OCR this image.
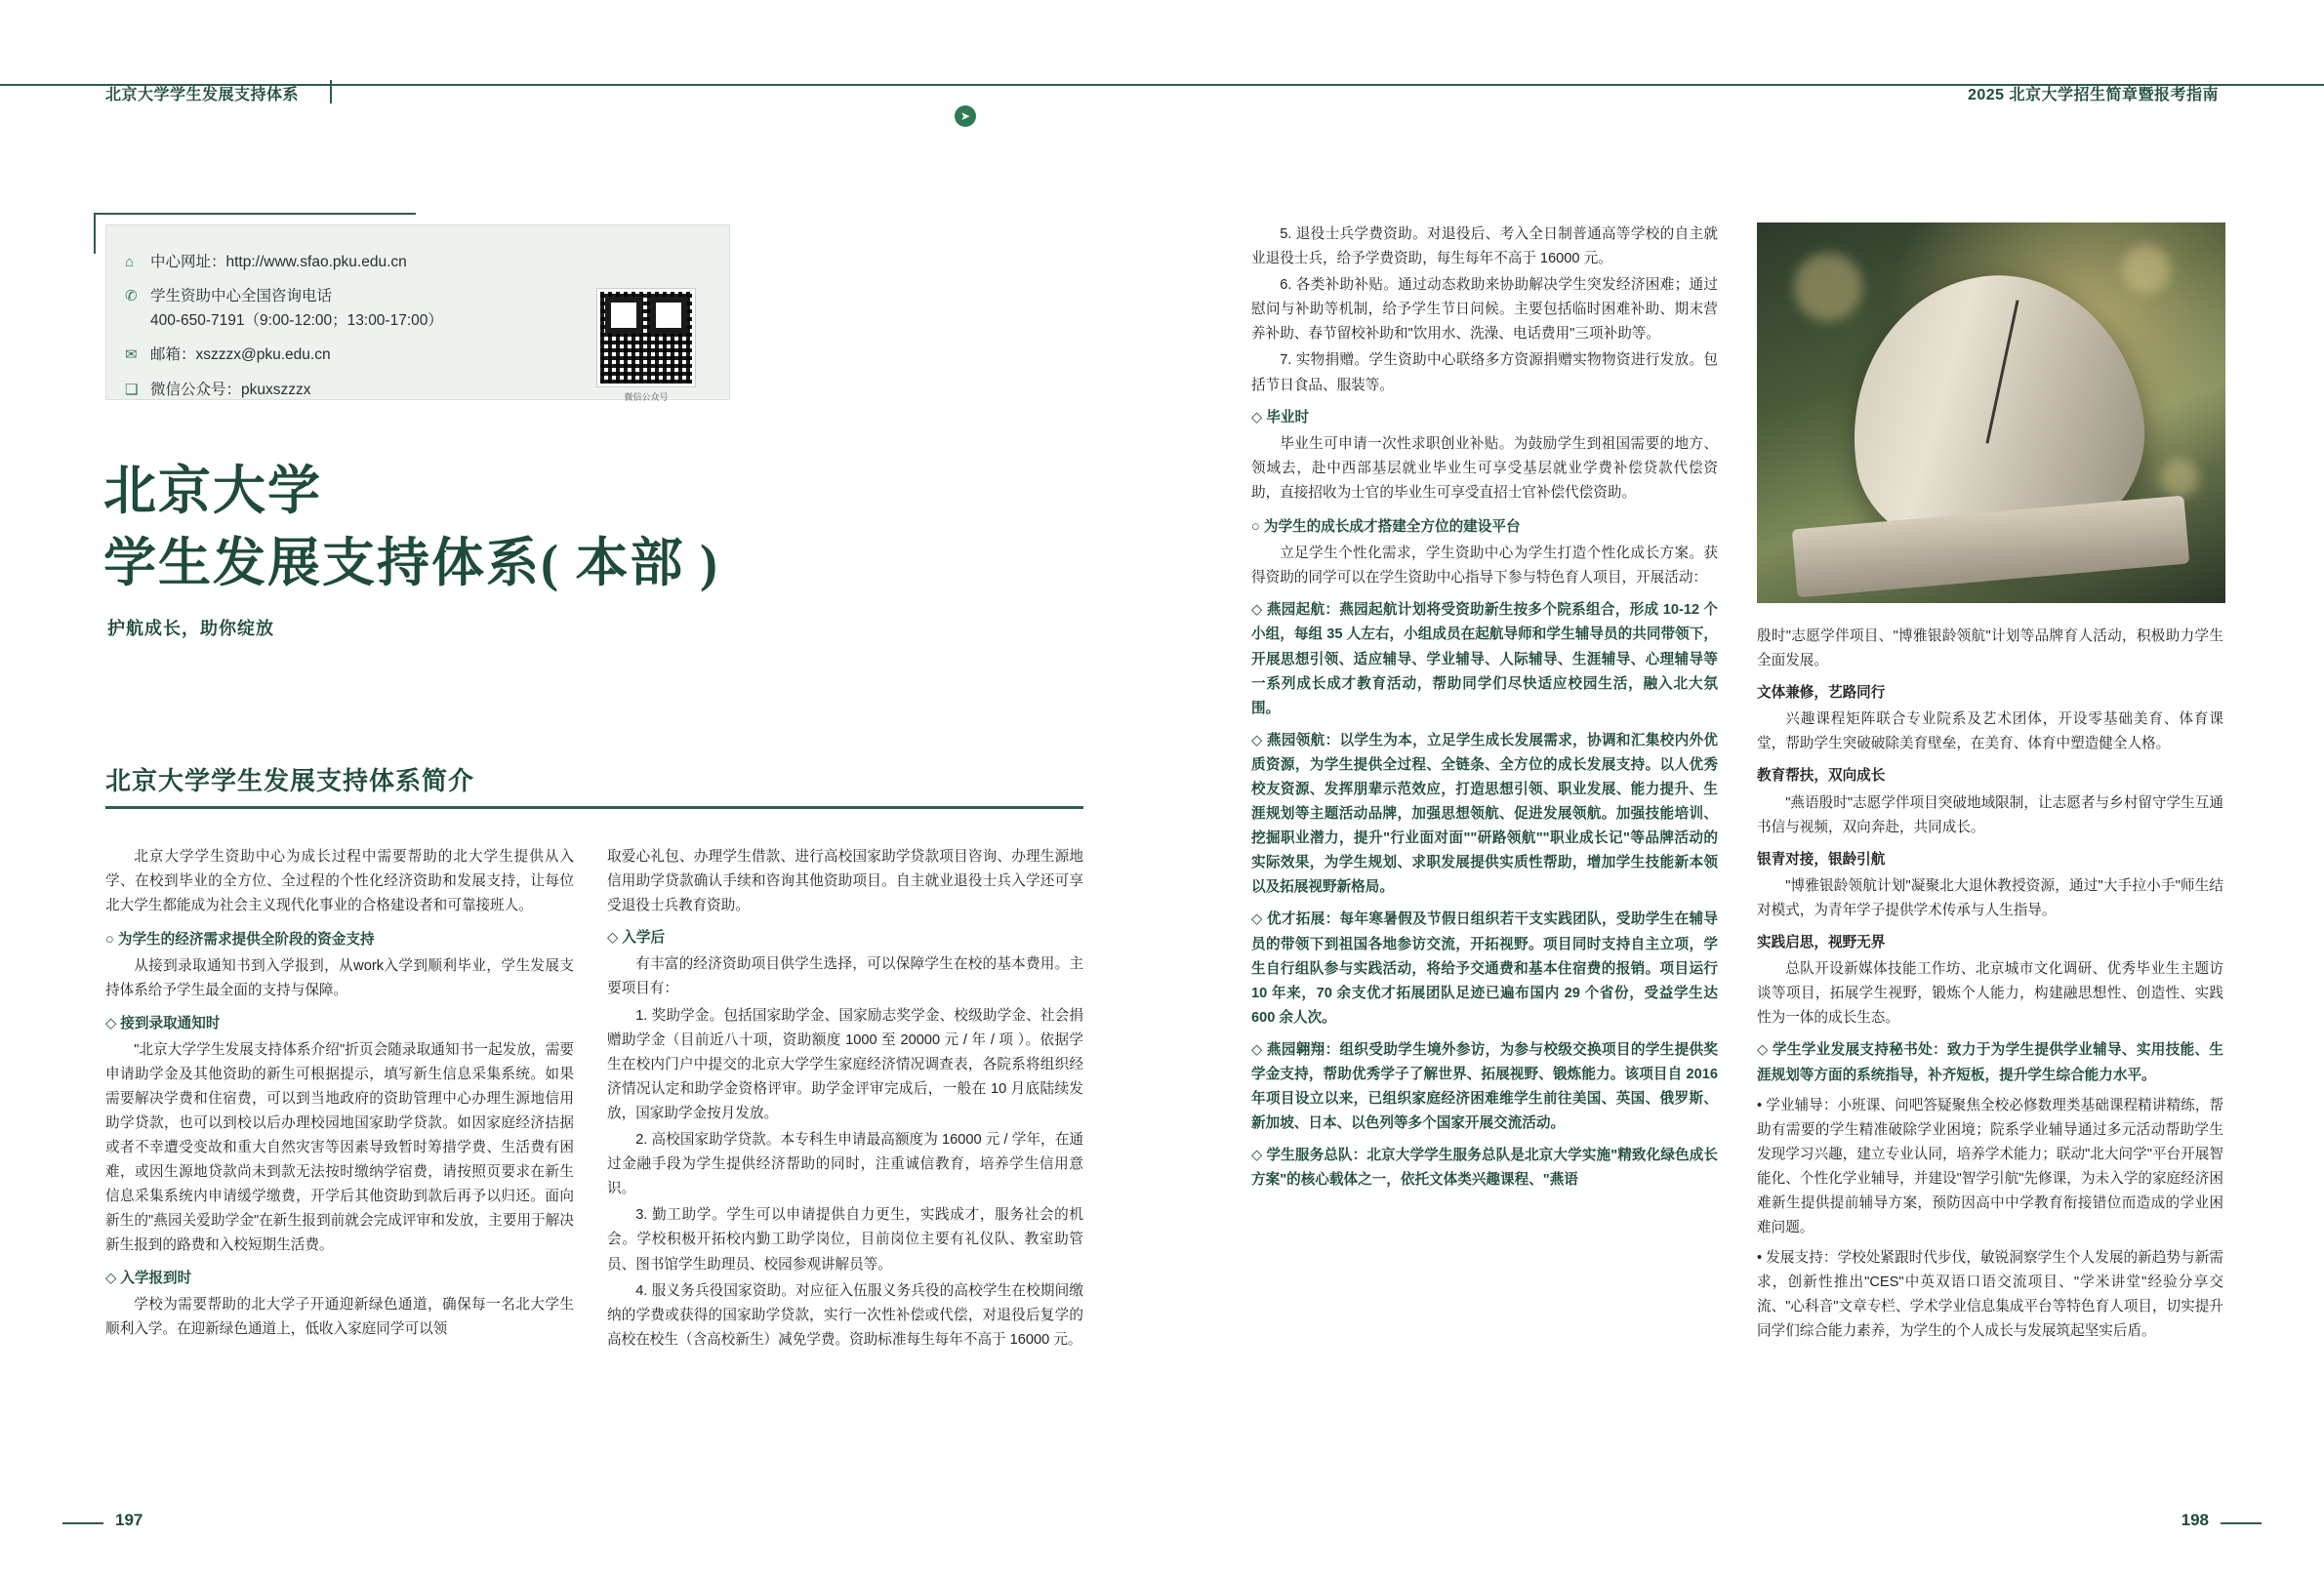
北京大学学生发展支持体系	2025 北京大学招生简章暨报考指南
➤
197	198
⌂	中心网址：http://www.sfao.pku.edu.cn
✆ 学生资助中心全国咨询电话
400-650-7191（9:00-12:00；13:00-17:00）
✉ 邮箱：xszzzx@pku.edu.cn
❏ 微信公众号：pkuxszzzx	微信公众号
北京大学
学生发展支持体系( 本部 )
护航成长，助你绽放
北京大学学生发展支持体系简介

北京大学学生资助中心为成长过程中需要帮助的北大学生提供从入学、在校到毕业的全方位、全过程的个性化经济资助和发展支持，让每位北大学生都能成为社会主义现代化事业的合格建设者和可靠接班人。

○ 为学生的经济需求提供全阶段的资金支持

从接到录取通知书到入学报到，从work入学到顺利毕业，学生发展支持体系给予学生最全面的支持与保障。

◇ 接到录取通知时

"北京大学学生发展支持体系介绍"折页会随录取通知书一起发放，需要申请助学金及其他资助的新生可根据提示，填写新生信息采集系统。如果需要解决学费和住宿费，可以到当地政府的资助管理中心办理生源地信用助学贷款，也可以到校以后办理校园地国家助学贷款。如因家庭经济拮据或者不幸遭受变故和重大自然灾害等因素导致暂时筹措学费、生活费有困难，或因生源地贷款尚未到款无法按时缴纳学宿费，请按照页要求在新生信息采集系统内申请缓学缴费，开学后其他资助到款后再予以归还。面向新生的"燕园关爱助学金"在新生报到前就会完成评审和发放，主要用于解决新生报到的路费和入校短期生活费。

◇ 入学报到时

学校为需要帮助的北大学子开通迎新绿色通道，确保每一名北大学生顺利入学。在迎新绿色通道上，低收入家庭同学可以领

取爱心礼包、办理学生借款、进行高校国家助学贷款项目咨询、办理生源地信用助学贷款确认手续和咨询其他资助项目。自主就业退役士兵入学还可享受退役士兵教育资助。

◇ 入学后

有丰富的经济资助项目供学生选择，可以保障学生在校的基本费用。主要项目有：

1. 奖助学金。包括国家助学金、国家励志奖学金、校级助学金、社会捐赠助学金（目前近八十项，资助额度 1000 至 20000 元 / 年 / 项 ）。依据学生在校内门户中提交的北京大学学生家庭经济情况调查表，各院系将组织经济情况认定和助学金资格评审。助学金评审完成后，一般在 10 月底陆续发放，国家助学金按月发放。

2. 高校国家助学贷款。本专科生申请最高额度为 16000 元 / 学年，在通过金融手段为学生提供经济帮助的同时，注重诚信教育，培养学生信用意识。

3. 勤工助学。学生可以申请提供自力更生，实践成才，服务社会的机会。学校积极开拓校内勤工助学岗位，目前岗位主要有礼仪队、教室助管员、图书馆学生助理员、校园参观讲解员等。

4. 服义务兵役国家资助。对应征入伍服义务兵役的高校学生在校期间缴纳的学费或获得的国家助学贷款，实行一次性补偿或代偿，对退役后复学的高校在校生（含高校新生）减免学费。资助标准每生每年不高于 16000 元。

5. 退役士兵学费资助。对退役后、考入全日制普通高等学校的自主就业退役士兵，给予学费资助，每生每年不高于 16000 元。

6. 各类补助补贴。通过动态救助来协助解决学生突发经济困难；通过慰问与补助等机制，给予学生节日问候。主要包括临时困难补助、期末营养补助、春节留校补助和"饮用水、洗澡、电话费用"三项补助等。

7. 实物捐赠。学生资助中心联络多方资源捐赠实物物资进行发放。包括节日食品、服装等。

◇ 毕业时

毕业生可申请一次性求职创业补贴。为鼓励学生到祖国需要的地方、领域去，赴中西部基层就业毕业生可享受基层就业学费补偿贷款代偿资助，直接招收为士官的毕业生可享受直招士官补偿代偿资助。

○ 为学生的成长成才搭建全方位的建设平台

立足学生个性化需求，学生资助中心为学生打造个性化成长方案。获得资助的同学可以在学生资助中心指导下参与特色育人项目，开展活动：

◇ 燕园起航：燕园起航计划将受资助新生按多个院系组合，形成 10-12 个小组，每组 35 人左右，小组成员在起航导师和学生辅导员的共同带领下，开展思想引领、适应辅导、学业辅导、人际辅导、生涯辅导、心理辅导等一系列成长成才教育活动，帮助同学们尽快适应校园生活，融入北大氛围。

◇ 燕园领航：以学生为本，立足学生成长发展需求，协调和汇集校内外优质资源，为学生提供全过程、全链条、全方位的成长发展支持。以人优秀校友资源、发挥朋辈示范效应，打造思想引领、职业发展、能力提升、生涯规划等主题活动品牌，加强思想领航、促进发展领航。加强技能培训、挖掘职业潜力，提升"行业面对面""研路领航""职业成长记"等品牌活动的实际效果，为学生规划、求职发展提供实质性帮助，增加学生技能新本领以及拓展视野新格局。

◇ 优才拓展：每年寒暑假及节假日组织若干支实践团队，受助学生在辅导员的带领下到祖国各地参访交流，开拓视野。项目同时支持自主立项，学生自行组队参与实践活动，将给予交通费和基本住宿费的报销。项目运行 10 年来，70 余支优才拓展团队足迹已遍布国内 29 个省份，受益学生达 600 余人次。

◇ 燕园翱翔：组织受助学生境外参访，为参与校级交换项目的学生提供奖学金支持，帮助优秀学子了解世界、拓展视野、锻炼能力。该项目自 2016 年项目设立以来，已组织家庭经济困难维学生前往美国、英国、俄罗斯、新加坡、日本、以色列等多个国家开展交流活动。

◇ 学生服务总队：北京大学学生服务总队是北京大学实施"精致化绿色成长方案"的核心载体之一，依托文体类兴趣课程、"燕语

殷时"志愿学伴项目、"博雅银龄领航"计划等品牌育人活动，积极助力学生全面发展。

文体兼修，艺路同行

兴趣课程矩阵联合专业院系及艺术团体，开设零基础美育、体育课堂，帮助学生突破破除美育壁垒，在美育、体育中塑造健全人格。

教育帮扶，双向成长

"燕语殷时"志愿学伴项目突破地域限制，让志愿者与乡村留守学生互通书信与视频，双向奔赴，共同成长。

银青对接，银龄引航

"博雅银龄领航计划"凝聚北大退休教授资源，通过"大手拉小手"师生结对模式，为青年学子提供学术传承与人生指导。

实践启思，视野无界

总队开设新媒体技能工作坊、北京城市文化调研、优秀毕业生主题访谈等项目，拓展学生视野，锻炼个人能力，构建融思想性、创造性、实践性为一体的成长生态。

◇ 学生学业发展支持秘书处：致力于为学生提供学业辅导、实用技能、生涯规划等方面的系统指导，补齐短板，提升学生综合能力水平。

• 学业辅导：小班课、问吧答疑聚焦全校必修数理类基础课程精讲精练，帮助有需要的学生精准破除学业困境；院系学业辅导通过多元活动帮助学生发现学习兴趣，建立专业认同，培养学术能力；联动"北大问学"平台开展智能化、个性化学业辅导，并建设"智学引航"先修课，为未入学的家庭经济困难新生提供提前辅导方案，预防因高中中学教育衔接错位而造成的学业困难问题。

• 发展支持：学校处紧跟时代步伐，敏锐洞察学生个人发展的新趋势与新需求，创新性推出"CES"中英双语口语交流项目、"学米讲堂"经验分享交流、"心科音"文章专栏、学术学业信息集成平台等特色育人项目，切实提升同学们综合能力素养，为学生的个人成长与发展筑起坚实后盾。
